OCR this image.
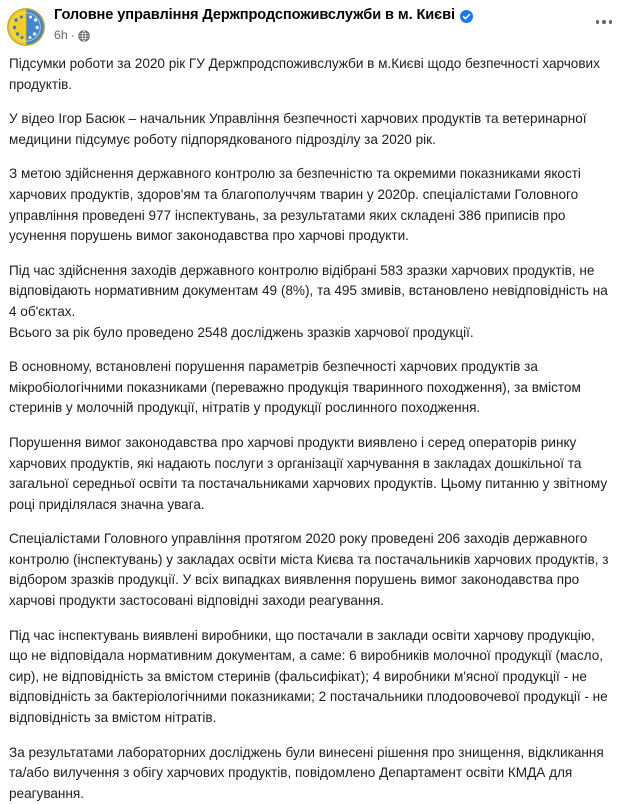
Головне управління Держпродспоживслужби в м. Києві
6h ·

Підсумки роботи за 2020 рік ГУ Держпродспоживслужби в м.Києві щодо безпечності харчових продуктів.

У відео Ігор Басюк – начальник Управління безпечності харчових продуктів та ветеринарної медицини підсумує роботу підпорядкованого підрозділу за 2020 рік.

З метою здійснення державного контролю за безпечністю та окремими показниками якості харчових продуктів, здоров'ям та благополуччям тварин у 2020р. спеціалістами Головного управління проведені 977 інспектувань, за результатами яких складені 386 приписів про усунення порушень вимог законодавства про харчові продукти.

Під час здійснення заходів державного контролю відібрані 583 зразки харчових продуктів, не відповідають нормативним документам 49 (8%), та 495 змивів, встановлено невідповідність на 4 об'єктах.
Всього за рік було проведено 2548 досліджень зразків харчової продукції.

В основному, встановлені порушення параметрів безпечності харчових продуктів за мікробіологічними показниками (переважно продукція тваринного походження), за вмістом стеринів у молочній продукції, нітратів у продукції рослинного походження.

Порушення вимог законодавства про харчові продукти виявлено і серед операторів ринку харчових продуктів, які надають послуги з організації харчування в закладах дошкільної та загальної середньої освіти та постачальниками харчових продуктів. Цьому питанню у звітному році приділялася значна увага.

Спеціалістами Головного управління протягом 2020 року проведені 206 заходів державного контролю (інспектувань) у закладах освіти міста Києва та постачальників харчових продуктів, з відбором зразків продукції. У всіх випадках виявлення порушень вимог законодавства про харчові продукти застосовані відповідні заходи реагування.

Під час інспектувань виявлені виробники, що постачали в заклади освіти харчову продукцію, що не відповідала нормативним документам, а саме: 6 виробників молочної продукції (масло, сир), не відповідність за вмістом стеринів (фальсифікат); 4 виробники м'ясної продукції - не відповідність за бактеріологічними показниками; 2 постачальники плодоовочевої продукції - не відповідність за вмістом нітратів.

За результатами лабораторних досліджень були винесені рішення про знищення, відкликання та/або вилучення з обігу харчових продуктів, повідомлено Департамент освіти КМДА для реагування.
